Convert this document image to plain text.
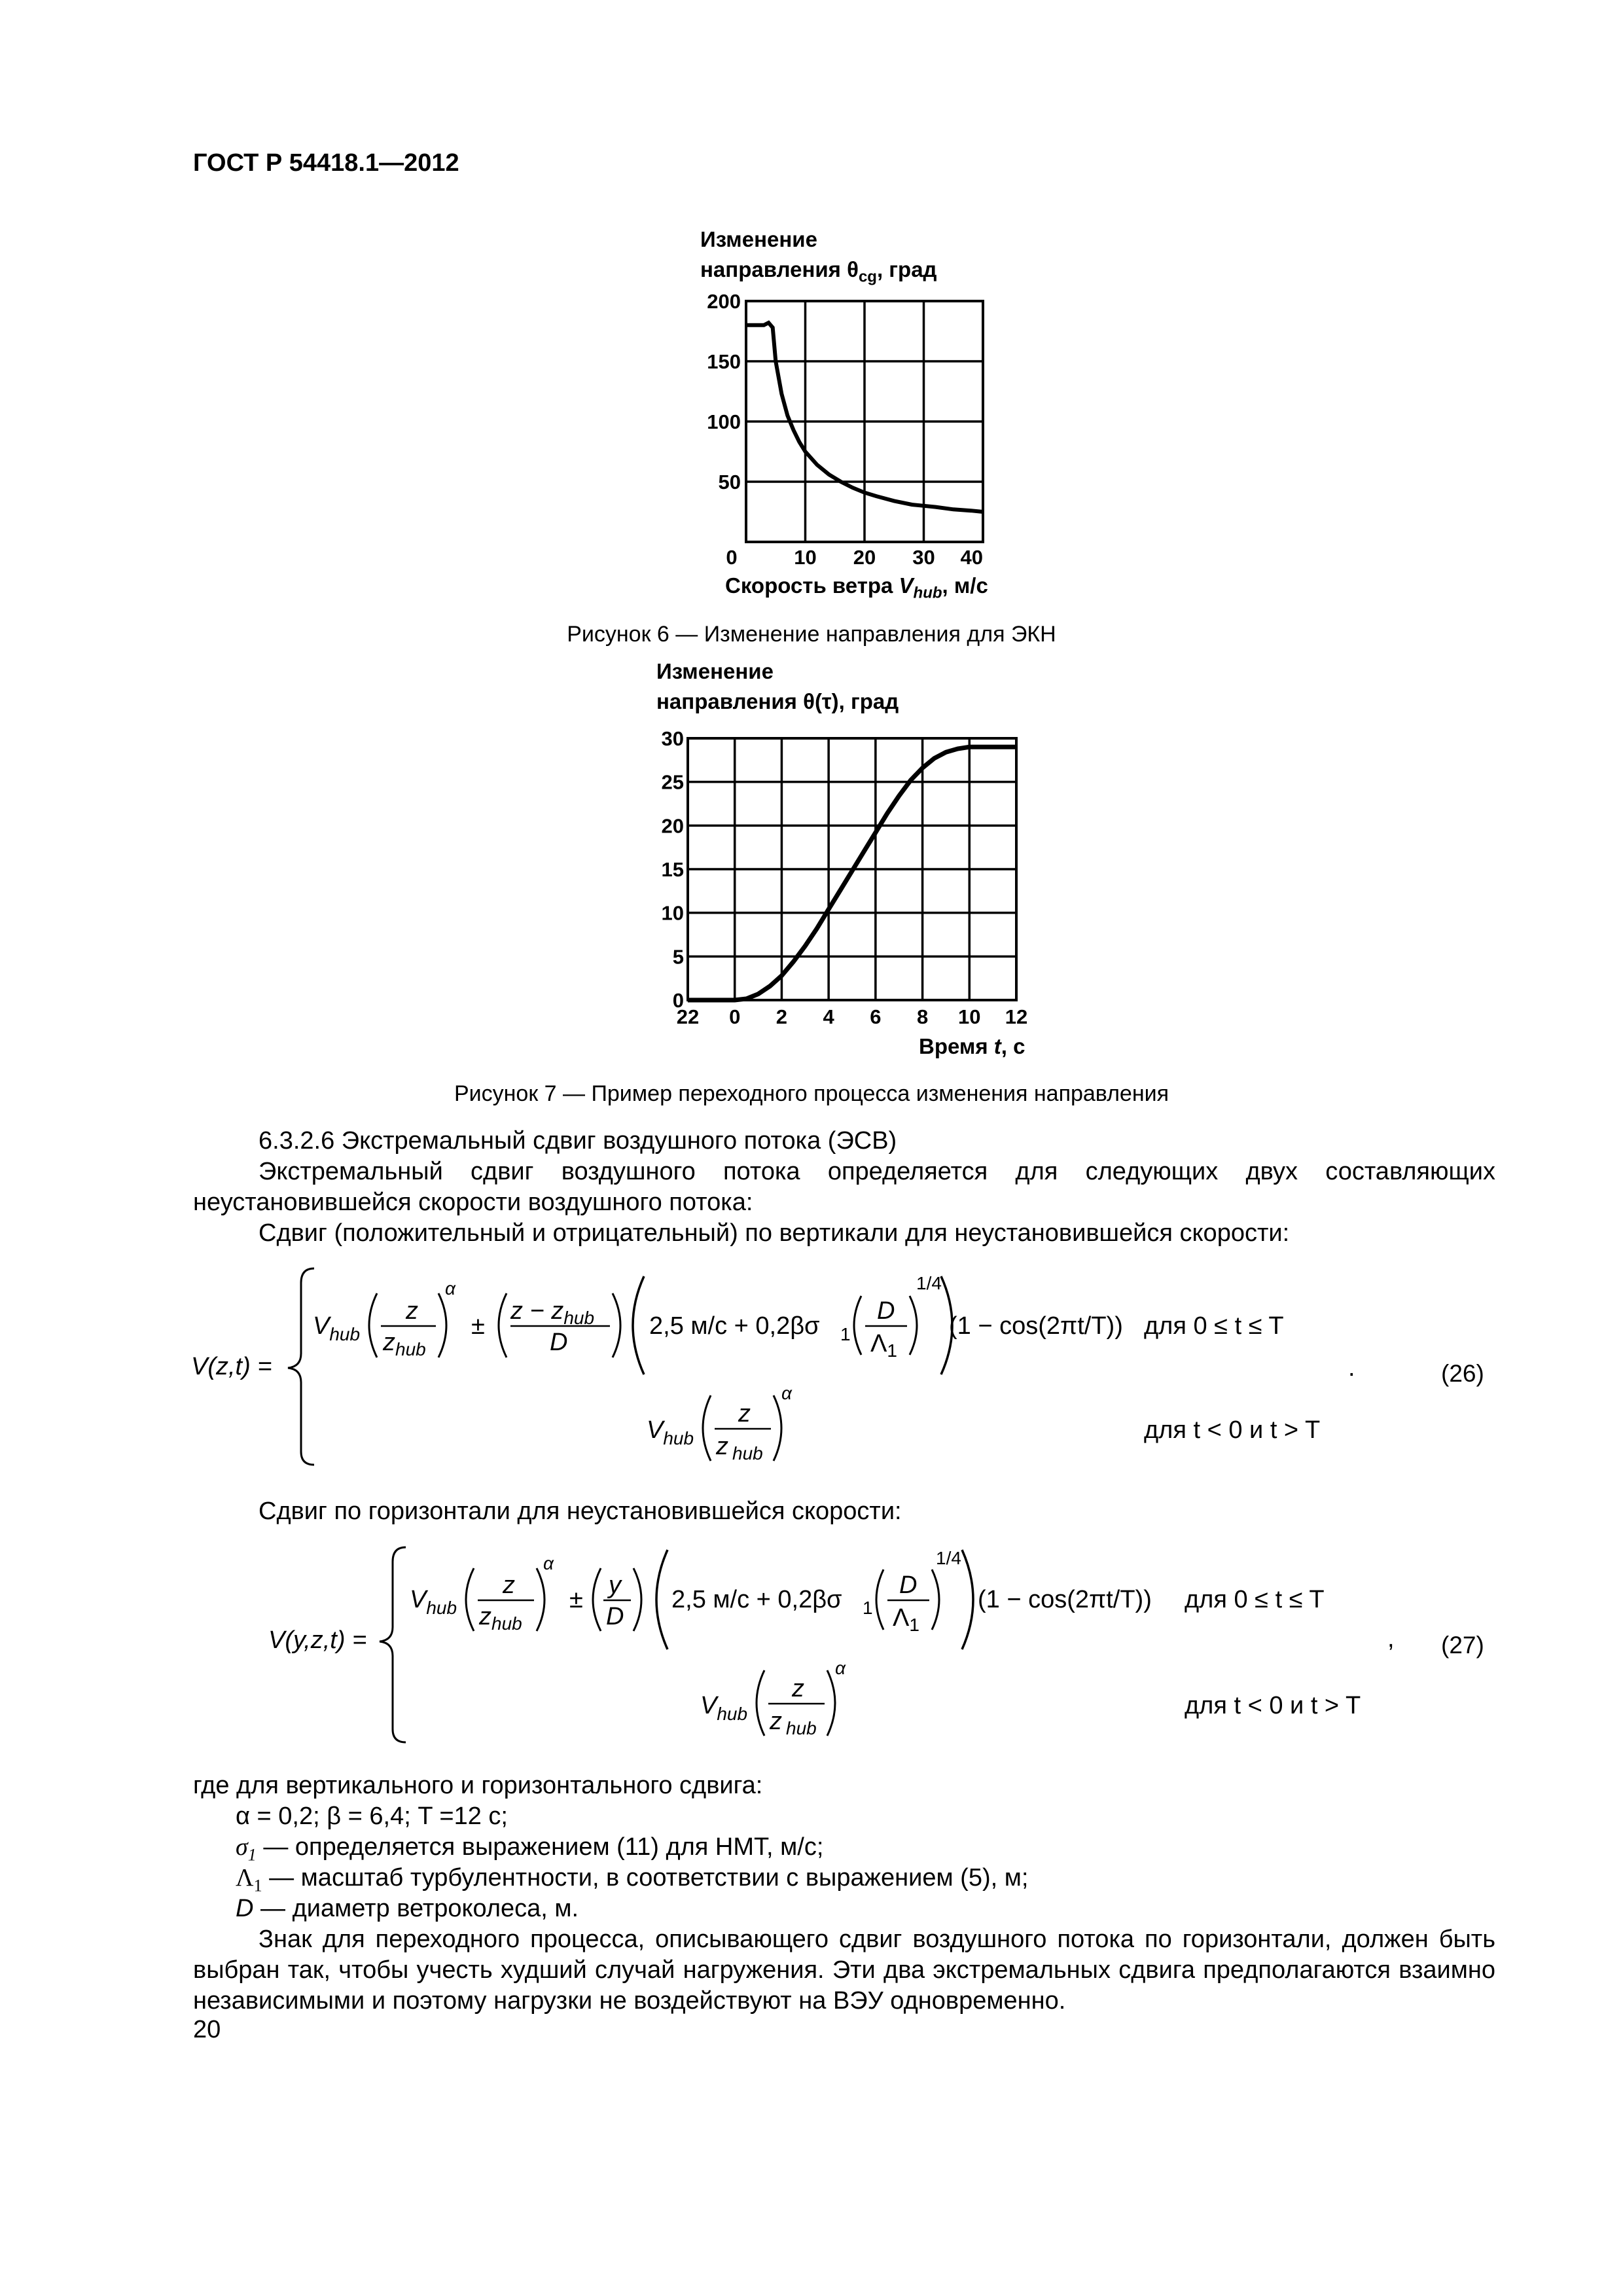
ГОСТ Р 54418.1—2012
Изменение
направления $\theta_{cg}$, град
50
100
150
200
0	10 20 30 40
Скорость ветра $V_{hub}$, м/с
Рисунок 6 — Изменение направления для ЭКН
Изменение
направления θ(τ), град
0
5
10
15
20
25
30
22 0 2 4 6 8 10 12
Время t, с
Рисунок 7 — Пример переходного процесса изменения направления
6.3.2.6 Экстремальный сдвиг воздушного потока (ЭСВ)
Экстремальный сдвиг воздушного потока определяется для следующих двух составляющих неустановившейся скорости воздушного потока:
Сдвиг (положительный и отрицательный) по вертикали для неустановившейся скорости:
V(z,t) =
$V_{hub}$
z
$z_{hub}$
α
±
$z - z_{hub}$
D
2,5 м/с + 0,2βσ 1
D
$\Lambda_1$
1/4
(1 − cos(2πt/T)) для 0 ≤ t ≤ T
.
$V_{hub}$
z
z $_{hub}$
α
для t < 0 и t > T
(26)
Сдвиг по горизонтали для неустановившейся скорости:
V(y,z,t) =
$V_{hub}$
z
$z_{hub}$
α
±
y
D
2,5 м/с + 0,2βσ 1
D
$\Lambda_1$
1/4
(1 − cos(2πt/T)) для 0 ≤ t ≤ T
,
$V_{hub}$
z
z $_{hub}$
α
для t < 0 и t > T
(27)
где для вертикального и горизонтального сдвига:
α = 0,2; β = 6,4; T =12 с;
$\sigma_1$ — определяется выражением (11) для НМТ, м/с;
$\Lambda_1$ — масштаб турбулентности, в соответствии с выражением (5), м;
D — диаметр ветроколеса, м.
Знак для переходного процесса, описывающего сдвиг воздушного потока по горизонтали, должен быть выбран так, чтобы учесть худший случай нагружения. Эти два экстремальных сдвига предполагаются взаимно независимыми и поэтому нагрузки не воздействуют на ВЭУ одновременно.
20
